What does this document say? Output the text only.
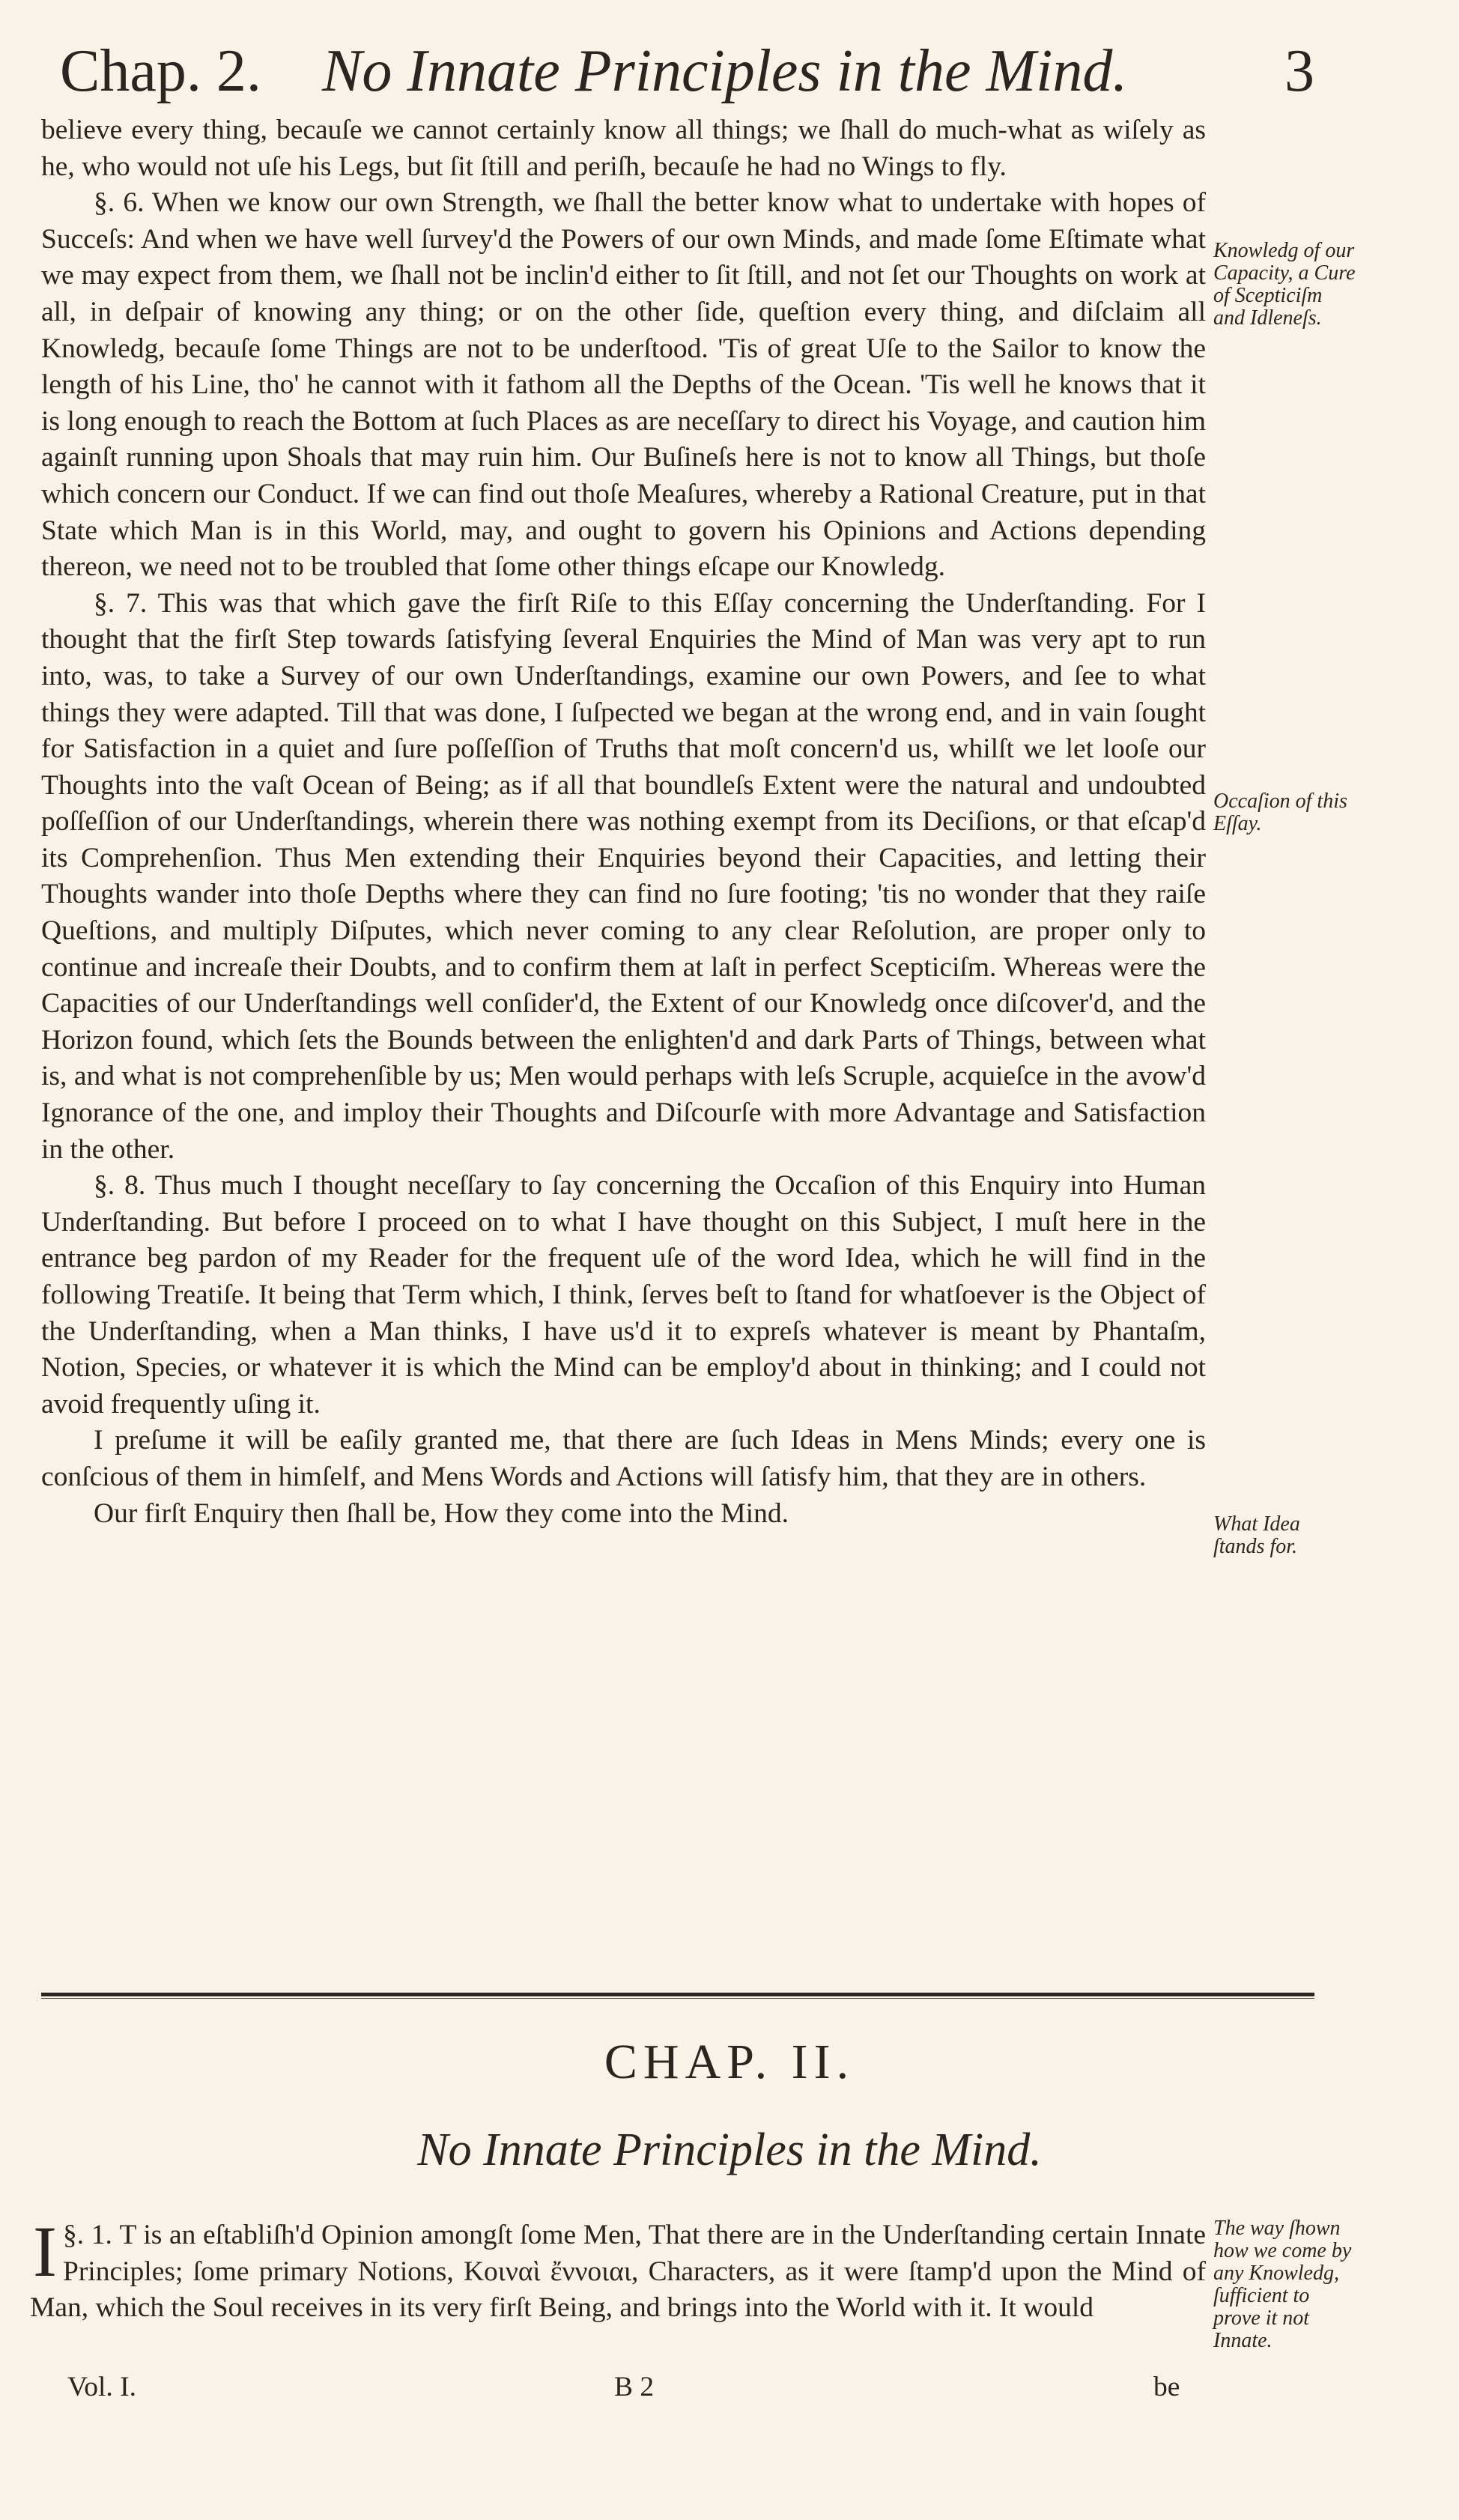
Chap. 2. No Innate Principles in the Mind.	3

believe every thing, becauſe we cannot certainly know all things; we ſhall do much-what as wiſely as he, who would not uſe his Legs, but ſit ſtill and periſh, becauſe he had no Wings to fly.

§. 6. When we know our own Strength, we ſhall the better know what to undertake with hopes of Succeſs: And when we have well ſurvey'd the Powers of our own Minds, and made ſome Eſtimate what we may expect from them, we ſhall not be inclin'd either to ſit ſtill, and not ſet our Thoughts on work at all, in deſpair of knowing any thing; or on the other ſide, queſtion every thing, and diſclaim all Knowledg, becauſe ſome Things are not to be underſtood. 'Tis of great Uſe to the Sailor to know the length of his Line, tho' he cannot with it fathom all the Depths of the Ocean. 'Tis well he knows that it is long enough to reach the Bottom at ſuch Places as are neceſſary to direct his Voyage, and caution him againſt running upon Shoals that may ruin him. Our Buſineſs here is not to know all Things, but thoſe which concern our Conduct. If we can find out thoſe Meaſures, whereby a Rational Creature, put in that State which Man is in this World, may, and ought to govern his Opinions and Actions depending thereon, we need not to be troubled that ſome other things eſcape our Knowledg.

§. 7. This was that which gave the firſt Riſe to this Eſſay concerning the Underſtanding. For I thought that the firſt Step towards ſatisfying ſeveral Enquiries the Mind of Man was very apt to run into, was, to take a Survey of our own Underſtandings, examine our own Powers, and ſee to what things they were adapted. Till that was done, I ſuſpected we began at the wrong end, and in vain ſought for Satisfaction in a quiet and ſure poſſeſſion of Truths that moſt concern'd us, whilſt we let looſe our Thoughts into the vaſt Ocean of Being; as if all that boundleſs Extent were the natural and undoubted poſſeſſion of our Underſtandings, wherein there was nothing exempt from its Deciſions, or that eſcap'd its Comprehenſion. Thus Men extending their Enquiries beyond their Capacities, and letting their Thoughts wander into thoſe Depths where they can find no ſure footing; 'tis no wonder that they raiſe Queſtions, and multiply Diſputes, which never coming to any clear Reſolution, are proper only to continue and increaſe their Doubts, and to confirm them at laſt in perfect Scepticiſm. Whereas were the Capacities of our Underſtandings well conſider'd, the Extent of our Knowledg once diſcover'd, and the Horizon found, which ſets the Bounds between the enlighten'd and dark Parts of Things, between what is, and what is not comprehenſible by us; Men would perhaps with leſs Scruple, acquieſce in the avow'd Ignorance of the one, and imploy their Thoughts and Diſcourſe with more Advantage and Satisfaction in the other.

§. 8. Thus much I thought neceſſary to ſay concerning the Occaſion of this Enquiry into Human Underſtanding. But before I proceed on to what I have thought on this Subject, I muſt here in the entrance beg pardon of my Reader for the frequent uſe of the word Idea, which he will find in the following Treatiſe. It being that Term which, I think, ſerves beſt to ſtand for whatſoever is the Object of the Underſtanding, when a Man thinks, I have us'd it to expreſs whatever is meant by Phantaſm, Notion, Species, or whatever it is which the Mind can be employ'd about in thinking; and I could not avoid frequently uſing it.

I preſume it will be eaſily granted me, that there are ſuch Ideas in Mens Minds; every one is conſcious of them in himſelf, and Mens Words and Actions will ſatisfy him, that they are in others.

Our firſt Enquiry then ſhall be, How they come into the Mind.

Knowledg of our Capacity, a Cure of Scepticiſm and Idleneſs.
Occaſion of this Eſſay.
What Idea ſtands for.
The way ſhown how we come by any Knowledg, ſufficient to prove it not Innate.
CHAP. II.
No Innate Principles in the Mind.

§. 1.
I T is an eſtabliſh'd Opinion amongſt ſome Men, That there are in the Underſtanding certain Innate Principles; ſome primary Notions, Κοιναὶ ἔννοιαι, Characters, as it were ſtamp'd upon the Mind of Man, which the Soul receives in its very firſt Being, and brings into the World with it. It would

Vol. I.	B 2	be
